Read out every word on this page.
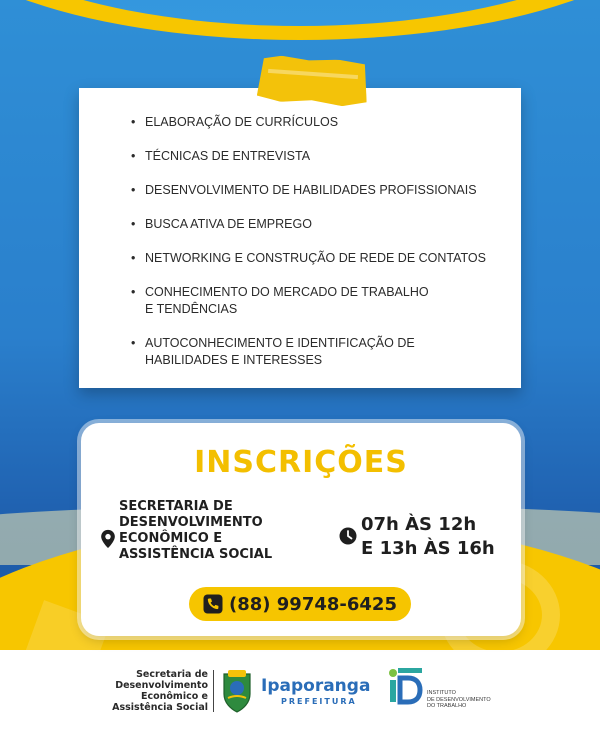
• ELABORAÇÃO DE CURRÍCULOS
• TÉCNICAS DE ENTREVISTA
• DESENVOLVIMENTO DE HABILIDADES PROFISSIONAIS
• BUSCA ATIVA DE EMPREGO
• NETWORKING E CONSTRUÇÃO DE REDE DE CONTATOS
• CONHECIMENTO DO MERCADO DE TRABALHO E TENDÊNCIAS
• AUTOCONHECIMENTO E IDENTIFICAÇÃO DE HABILIDADES E INTERESSES
INSCRIÇÕES
SECRETARIA DE
DESENVOLVIMENTO
ECONÔMICO E
ASSISTÊNCIA SOCIAL
07h ÀS 12h
E 13h ÀS 16h
(88) 99748-6425
Secretaria de
Desenvolvimento
Econômico e
Assistência Social
Ipaporanga
PREFEITURA
INSTITUTO
DE DESENVOLVIMENTO
DO TRABALHO
